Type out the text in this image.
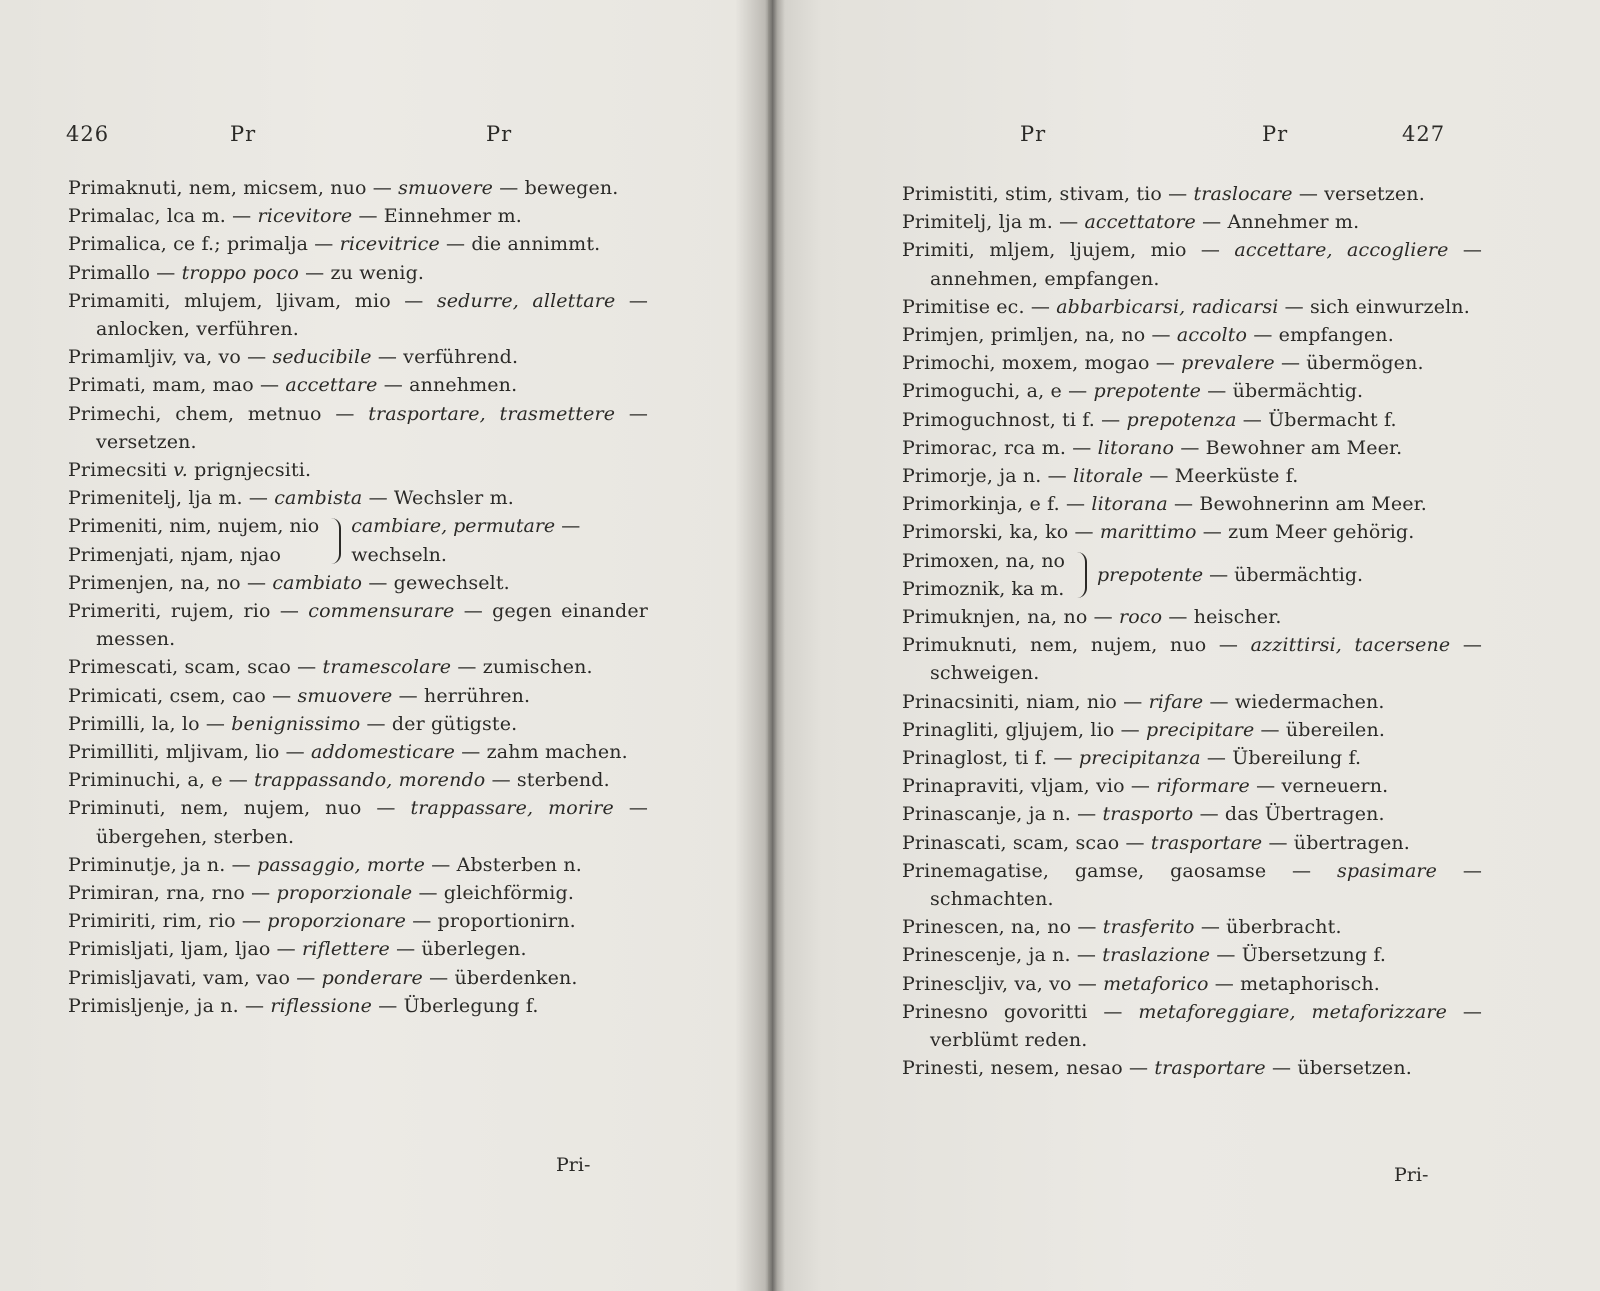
426	Pr	Pr
Primaknuti, nem, micsem, nuo — smuovere — bewegen.
Primalac, lca m. — ricevitore — Einnehmer m.
Primalica, ce f.; primalja — ricevitrice — die annimmt.
Primallo — troppo poco — zu wenig.
Primamiti, mlujem, ljivam, mio — sedurre, allettare — anlocken, verführen.
Primamljiv, va, vo — seducibile — verführend.
Primati, mam, mao — accettare — annehmen.
Primechi, chem, metnuo — trasportare, trasmettere — versetzen.
Primecsiti v. prignjecsiti.
Primenitelj, lja m. — cambista — Wechsler m.
Primeniti, nim, nujem, nio
Primenjati, njam, njao
cambiare, permutare — wechseln.
Primenjen, na, no — cambiato — gewechselt.
Primeriti, rujem, rio — commensurare — gegen einander messen.
Primescati, scam, scao — tramescolare — zumischen.
Primicati, csem, cao — smuovere — herrühren.
Primilli, la, lo — benignissimo — der gütigste.
Primilliti, mljivam, lio — addomesticare — zahm machen.
Priminuchi, a, e — trappassando, morendo — sterbend.
Priminuti, nem, nujem, nuo — trappassare, morire — übergehen, sterben.
Priminutje, ja n. — passaggio, morte — Absterben n.
Primiran, rna, rno — proporzionale — gleichförmig.
Primiriti, rim, rio — proporzionare — proportionirn.
Primisljati, ljam, ljao — riflettere — überlegen.
Primisljavati, vam, vao — ponderare — überdenken.
Primisljenje, ja n. — riflessione — Überlegung f.
Pri-
Pr	Pr	427
Primistiti, stim, stivam, tio — traslocare — versetzen.
Primitelj, lja m. — accettatore — Annehmer m.
Primiti, mljem, ljujem, mio — accettare, accogliere — annehmen, empfangen.
Primitise ec. — abbarbicarsi, radicarsi — sich einwurzeln.
Primjen, primljen, na, no — accolto — empfangen.
Primochi, moxem, mogao — prevalere — übermögen.
Primoguchi, a, e — prepotente — übermächtig.
Primoguchnost, ti f. — prepotenza — Übermacht f.
Primorac, rca m. — litorano — Bewohner am Meer.
Primorje, ja n. — litorale — Meerküste f.
Primorkinja, e f. — litorana — Bewohnerinn am Meer.
Primorski, ka, ko — marittimo — zum Meer gehörig.
Primoxen, na, no
Primoznik, ka m.
prepotente — übermächtig.
Primuknjen, na, no — roco — heischer.
Primuknuti, nem, nujem, nuo — azzittirsi, tacersene — schweigen.
Prinacsiniti, niam, nio — rifare — wiedermachen.
Prinagliti, gljujem, lio — precipitare — übereilen.
Prinaglost, ti f. — precipitanza — Übereilung f.
Prinapraviti, vljam, vio — riformare — verneuern.
Prinascanje, ja n. — trasporto — das Übertragen.
Prinascati, scam, scao — trasportare — übertragen.
Prinemagatise, gamse, gaosamse — spasimare — schmachten.
Prinescen, na, no — trasferito — überbracht.
Prinescenje, ja n. — traslazione — Übersetzung f.
Prinescljiv, va, vo — metaforico — metaphorisch.
Prinesno govoritti — metaforeggiare, metaforizzare — verblümt reden.
Prinesti, nesem, nesao — trasportare — übersetzen.
Pri-
